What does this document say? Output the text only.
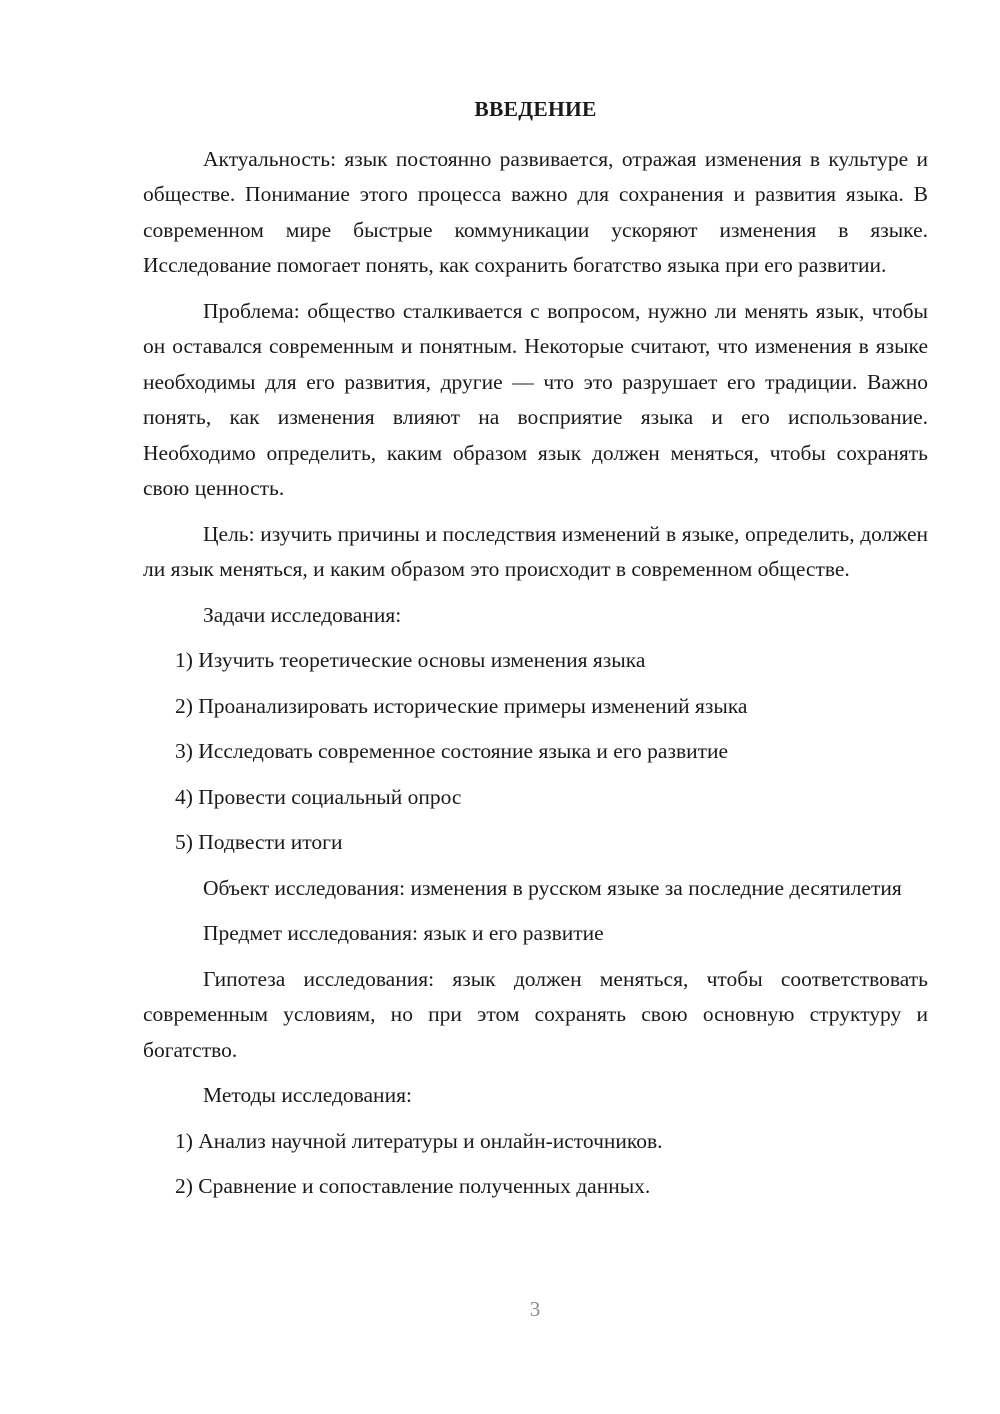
ВВЕДЕНИЕ

Актуальность: язык постоянно развивается, отражая изменения в культуре и обществе. Понимание этого процесса важно для сохранения и развития языка. В современном мире быстрые коммуникации ускоряют изменения в языке. Исследование помогает понять, как сохранить богатство языка при его развитии.

Проблема: общество сталкивается с вопросом, нужно ли менять язык, чтобы он оставался современным и понятным. Некоторые считают, что изменения в языке необходимы для его развития, другие — что это разрушает его традиции. Важно понять, как изменения влияют на восприятие языка и его использование. Необходимо определить, каким образом язык должен меняться, чтобы сохранять свою ценность.

Цель: изучить причины и последствия изменений в языке, определить, должен ли язык меняться, и каким образом это происходит в современном обществе.

Задачи исследования:

1) Изучить теоретические основы изменения языка
2) Проанализировать исторические примеры изменений языка
3) Исследовать современное состояние языка и его развитие
4) Провести социальный опрос
5) Подвести итоги

Объект исследования: изменения в русском языке за последние десятилетия

Предмет исследования: язык и его развитие

Гипотеза исследования: язык должен меняться, чтобы соответствовать современным условиям, но при этом сохранять свою основную структуру и богатство.

Методы исследования:

1) Анализ научной литературы и онлайн-источников.
2) Сравнение и сопоставление полученных данных.
3
